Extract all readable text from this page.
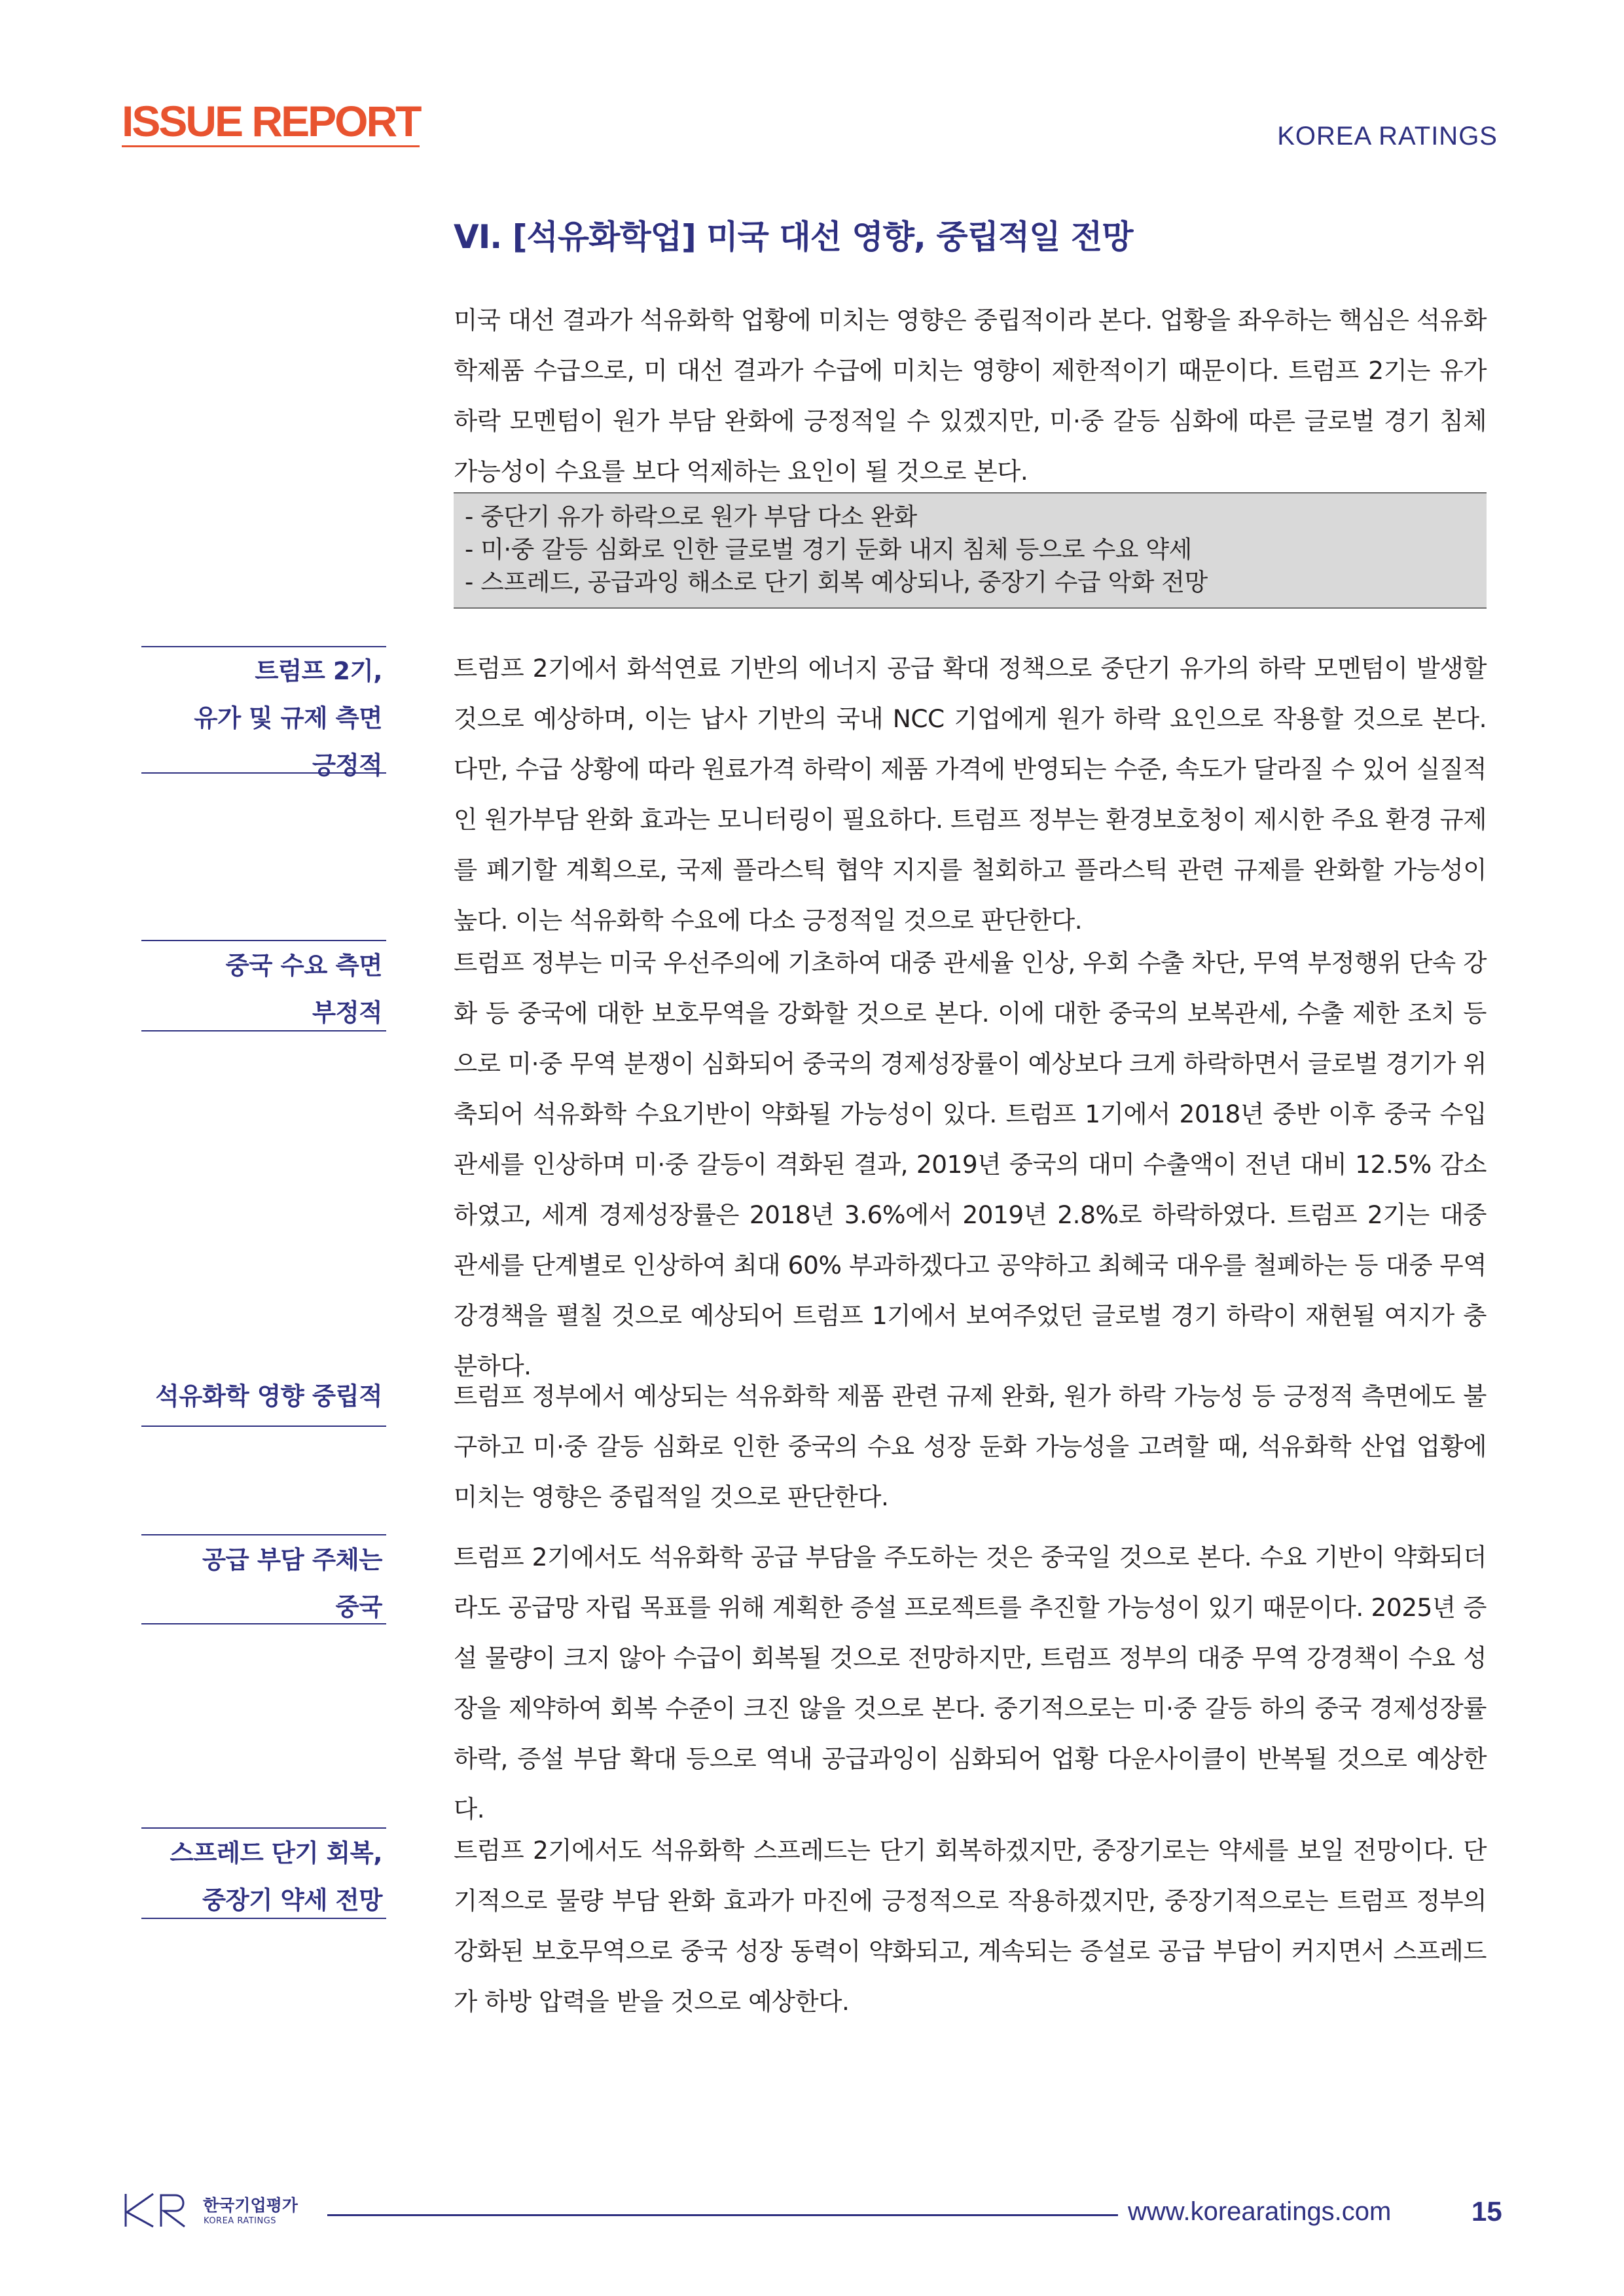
ISSUE REPORT	KOREA RATINGS
VI. [석유화학업] 미국 대선 영향, 중립적일 전망
미국 대선 결과가 석유화학 업황에 미치는 영향은 중립적이라 본다. 업황을 좌우하는 핵심은 석유화학제품 수급으로, 미 대선 결과가 수급에 미치는 영향이 제한적이기 때문이다. 트럼프 2기는 유가 하락 모멘텀이 원가 부담 완화에 긍정적일 수 있겠지만, 미·중 갈등 심화에 따른 글로벌 경기 침체 가능성이 수요를 보다 억제하는 요인이 될 것으로 본다.
- 중단기 유가 하락으로 원가 부담 다소 완화
- 미·중 갈등 심화로 인한 글로벌 경기 둔화 내지 침체 등으로 수요 약세
- 스프레드, 공급과잉 해소로 단기 회복 예상되나, 중장기 수급 악화 전망
트럼프 2기,
유가 및 규제 측면
긍정적
트럼프 2기에서 화석연료 기반의 에너지 공급 확대 정책으로 중단기 유가의 하락 모멘텀이 발생할 것으로 예상하며, 이는 납사 기반의 국내 NCC 기업에게 원가 하락 요인으로 작용할 것으로 본다. 다만, 수급 상황에 따라 원료가격 하락이 제품 가격에 반영되는 수준, 속도가 달라질 수 있어 실질적인 원가부담 완화 효과는 모니터링이 필요하다. 트럼프 정부는 환경보호청이 제시한 주요 환경 규제를 폐기할 계획으로, 국제 플라스틱 협약 지지를 철회하고 플라스틱 관련 규제를 완화할 가능성이 높다. 이는 석유화학 수요에 다소 긍정적일 것으로 판단한다.
중국 수요 측면
부정적
트럼프 정부는 미국 우선주의에 기초하여 대중 관세율 인상, 우회 수출 차단, 무역 부정행위 단속 강화 등 중국에 대한 보호무역을 강화할 것으로 본다. 이에 대한 중국의 보복관세, 수출 제한 조치 등으로 미·중 무역 분쟁이 심화되어 중국의 경제성장률이 예상보다 크게 하락하면서 글로벌 경기가 위축되어 석유화학 수요기반이 약화될 가능성이 있다. 트럼프 1기에서 2018년 중반 이후 중국 수입관세를 인상하며 미·중 갈등이 격화된 결과, 2019년 중국의 대미 수출액이 전년 대비 12.5% 감소하였고, 세계 경제성장률은 2018년 3.6%에서 2019년 2.8%로 하락하였다. 트럼프 2기는 대중 관세를 단계별로 인상하여 최대 60% 부과하겠다고 공약하고 최혜국 대우를 철폐하는 등 대중 무역 강경책을 펼칠 것으로 예상되어 트럼프 1기에서 보여주었던 글로벌 경기 하락이 재현될 여지가 충분하다.
석유화학 영향 중립적	트럼프 정부에서 예상되는 석유화학 제품 관련 규제 완화, 원가 하락 가능성 등 긍정적 측면에도 불구하고 미·중 갈등 심화로 인한 중국의 수요 성장 둔화 가능성을 고려할 때, 석유화학 산업 업황에 미치는 영향은 중립적일 것으로 판단한다.
공급 부담 주체는
중국
트럼프 2기에서도 석유화학 공급 부담을 주도하는 것은 중국일 것으로 본다. 수요 기반이 약화되더라도 공급망 자립 목표를 위해 계획한 증설 프로젝트를 추진할 가능성이 있기 때문이다. 2025년 증설 물량이 크지 않아 수급이 회복될 것으로 전망하지만, 트럼프 정부의 대중 무역 강경책이 수요 성장을 제약하여 회복 수준이 크진 않을 것으로 본다. 중기적으로는 미·중 갈등 하의 중국 경제성장률 하락, 증설 부담 확대 등으로 역내 공급과잉이 심화되어 업황 다운사이클이 반복될 것으로 예상한다.
스프레드 단기 회복,
중장기 약세 전망
트럼프 2기에서도 석유화학 스프레드는 단기 회복하겠지만, 중장기로는 약세를 보일 전망이다. 단기적으로 물량 부담 완화 효과가 마진에 긍정적으로 작용하겠지만, 중장기적으로는 트럼프 정부의 강화된 보호무역으로 중국 성장 동력이 약화되고, 계속되는 증설로 공급 부담이 커지면서 스프레드가 하방 압력을 받을 것으로 예상한다.
한국기업평가
KOREA RATINGS	www.korearatings.com	15
